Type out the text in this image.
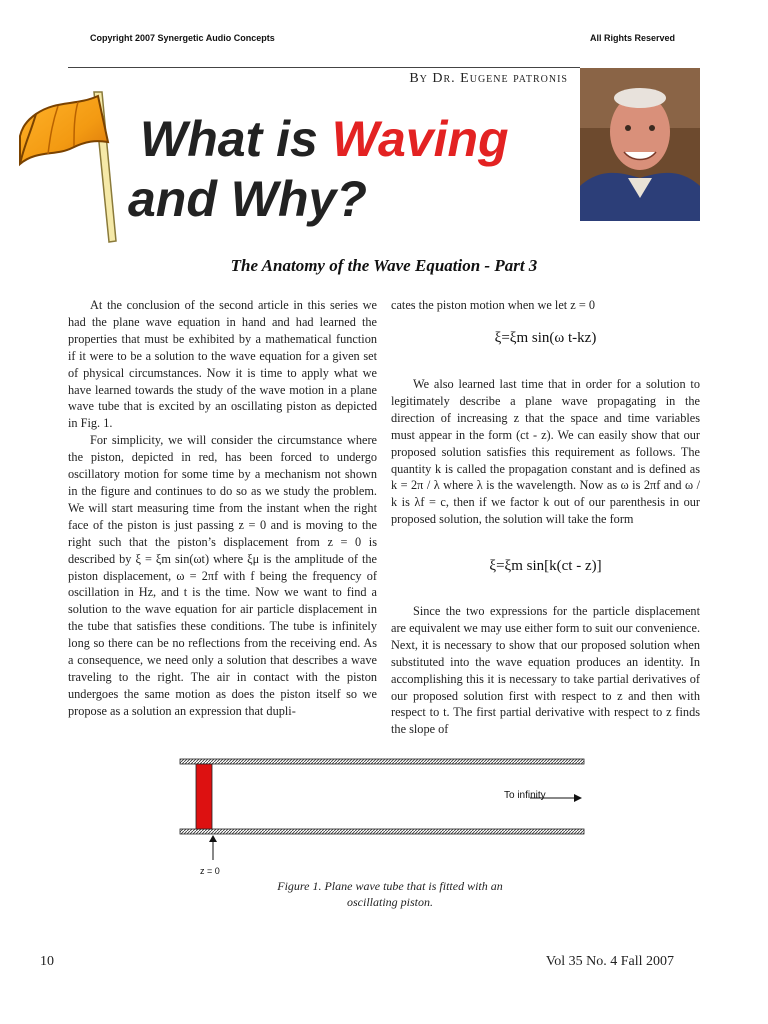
Copyright 2007 Synergetic Audio Concepts	All Rights Reserved
By Dr. Eugene patronis
What is Waving
and Why?
The Anatomy of the Wave Equation - Part 3

At the conclusion of the second article in this series we had the plane wave equation in hand and had learned the properties that must be exhibited by a mathematical function if it were to be a solution to the wave equation for a given set of physical circumstances. Now it is time to apply what we have learned towards the study of the wave motion in a plane wave tube that is excited by an oscillating piston as depicted in Fig. 1.

For simplicity, we will consider the circumstance where the piston, depicted in red, has been forced to undergo oscillatory motion for some time by a mechanism not shown in the figure and continues to do so as we study the problem. We will start measuring time from the instant when the right face of the piston is just passing z = 0 and is moving to the right such that the piston’s displacement from z = 0 is described by ξ = ξm sin(ωt) where ξμ is the amplitude of the piston displacement, ω = 2πf with f being the frequency of oscillation in Hz, and t is the time. Now we want to find a solution to the wave equation for air particle displacement in the tube that satisfies these conditions. The tube is infinitely long so there can be no reflections from the receiving end. As a consequence, we need only a solution that describes a wave traveling to the right. The air in contact with the piston undergoes the same motion as does the piston itself so we propose as a solution an expression that dupli-

cates the piston motion when we let z = 0

ξ=ξm sin(ω t-kz)

We also learned last time that in order for a solution to legitimately describe a plane wave propagating in the direction of increasing z that the space and time variables must appear in the form (ct - z). We can easily show that our proposed solution satisfies this requirement as follows. The quantity k is called the propagation constant and is defined as k = 2π / λ where λ is the wavelength. Now as ω is 2πf and ω / k is λf = c, then if we factor k out of our parenthesis in our proposed solution, the solution will take the form

ξ=ξm sin[k(ct - z)]

Since the two expressions for the particle displacement are equivalent we may use either form to suit our convenience. Next, it is necessary to show that our proposed solution when substituted into the wave equation produces an identity. In accomplishing this it is necessary to take partial derivatives of our proposed solution first with respect to z and then with respect to t. The first partial derivative with respect to z finds the slope of

To infinity
z = 0
Figure 1. Plane wave tube that is fitted with an
oscillating piston.
10	Vol 35 No. 4 Fall 2007
